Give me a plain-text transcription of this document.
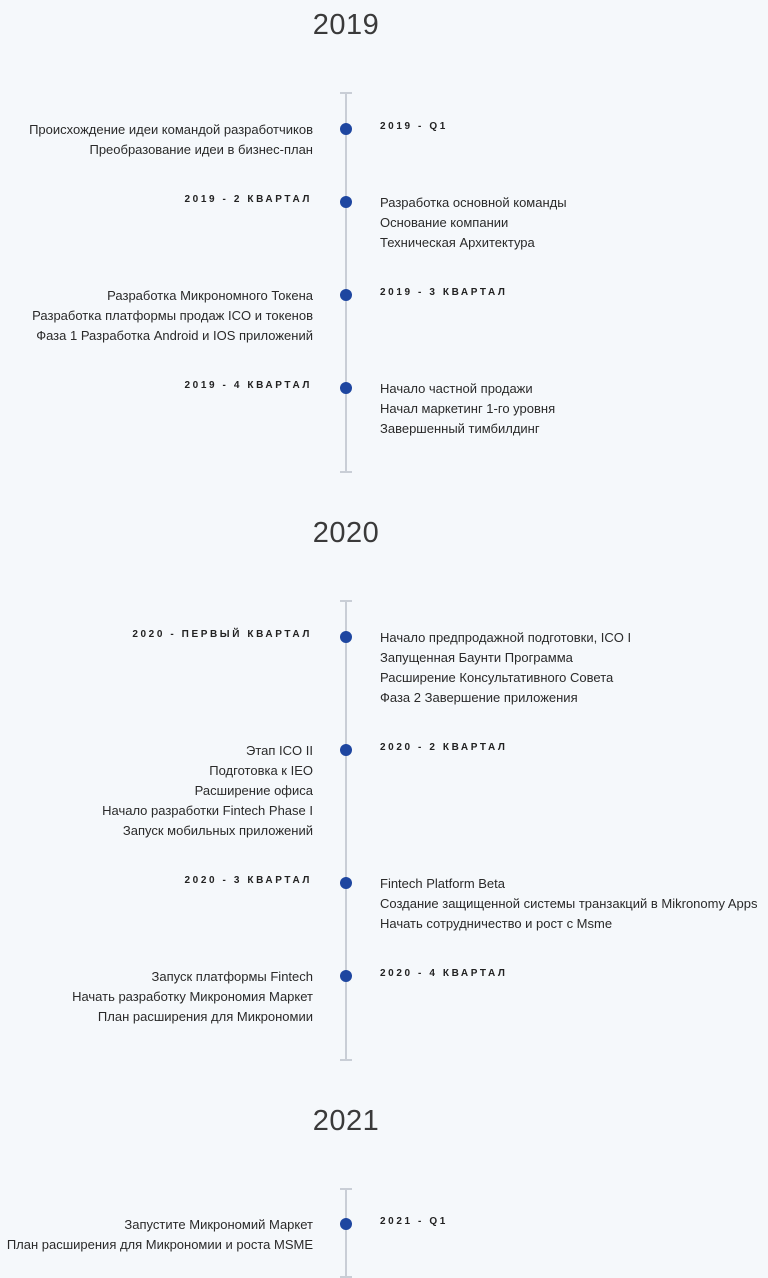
2019
2019 - Q1
Происхождение идеи командой разработчиков
Преобразование идеи в бизнес-план
2019 - 2 КВАРТАЛ	Разработка основной команды
Основание компании
Техническая Архитектура
2019 - 3 КВАРТАЛ
Разработка Микрономного Токена
Разработка платформы продаж ICO и токенов
Фаза 1 Разработка Android и IOS приложений
2019 - 4 КВАРТАЛ	Начало частной продажи
Начал маркетинг 1-го уровня
Завершенный тимбилдинг
2020
2020 - ПЕРВЫЙ КВАРТАЛ	Начало предпродажной подготовки, ICO I
Запущенная Баунти Программа
Расширение Консультативного Совета
Фаза 2 Завершение приложения
2020 - 2 КВАРТАЛ
Этап ICO II
Подготовка к IEO
Расширение офиса
Начало разработки Fintech Phase I
Запуск мобильных приложений
2020 - 3 КВАРТАЛ	Fintech Platform Beta
Создание защищенной системы транзакций в Mikronomy Apps
Начать сотрудничество и рост с Msme
2020 - 4 КВАРТАЛ
Запуск платформы Fintech
Начать разработку Микрономия Маркет
План расширения для Микрономии
2021
2021 - Q1
Запустите Микрономий Маркет
План расширения для Микрономии и роста MSME
